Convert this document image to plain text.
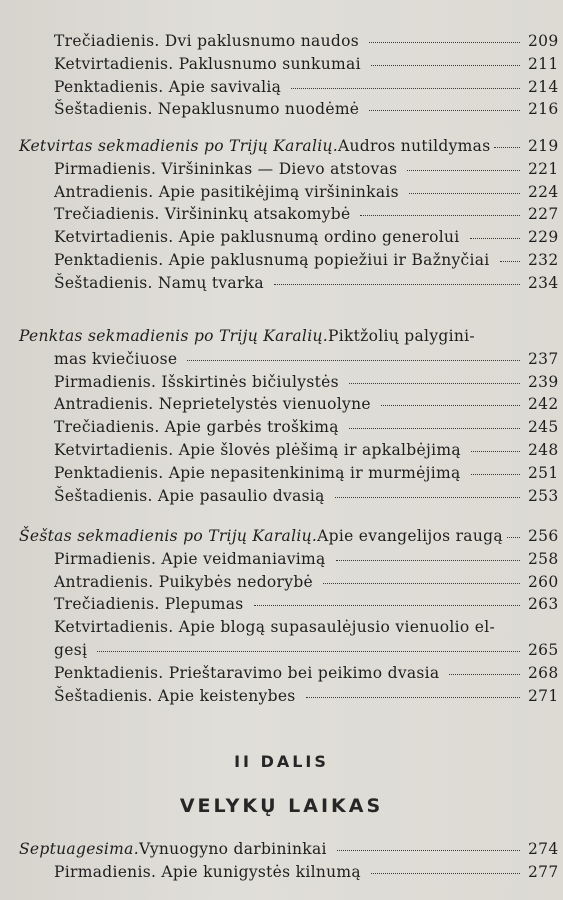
Trečiadienis. Dvi paklusnumo naudos	209
Ketvirtadienis. Paklusnumo sunkumai	211
Penktadienis. Apie savivalią	214
Šeštadienis. Nepaklusnumo nuodėmė	216
Ketvirtas sekmadienis po Trijų Karalių. Audros nutildymas 219
Pirmadienis. Viršininkas — Dievo atstovas	221
Antradienis. Apie pasitikėjimą viršininkais	224
Trečiadienis. Viršininkų atsakomybė	227
Ketvirtadienis. Apie paklusnumą ordino generolui	229
Penktadienis. Apie paklusnumą popiežiui ir Bažnyčiai 232
Šeštadienis. Namų tvarka	234
Penktas sekmadienis po Trijų Karalių. Piktžolių palygini-
mas kviečiuose	237
Pirmadienis. Išskirtinės bičiulystės	239
Antradienis. Neprietelystės vienuolyne	242
Trečiadienis. Apie garbės troškimą	245
Ketvirtadienis. Apie šlovės plėšimą ir apkalbėjimą	248
Penktadienis. Apie nepasitenkinimą ir murmėjimą	251
Šeštadienis. Apie pasaulio dvasią	253
Šeštas sekmadienis po Trijų Karalių. Apie evangelijos raugą 256
Pirmadienis. Apie veidmaniavimą	258
Antradienis. Puikybės nedorybė	260
Trečiadienis. Plepumas	263
Ketvirtadienis. Apie blogą supasaulėjusio vienuolio el-
gesį	265
Penktadienis. Prieštaravimo bei peikimo dvasia	268
Šeštadienis. Apie keistenybes	271
II DALIS
VELYKŲ LAIKAS
Septuagesima. Vynuogyno darbininkai	274
Pirmadienis. Apie kunigystės kilnumą	277
